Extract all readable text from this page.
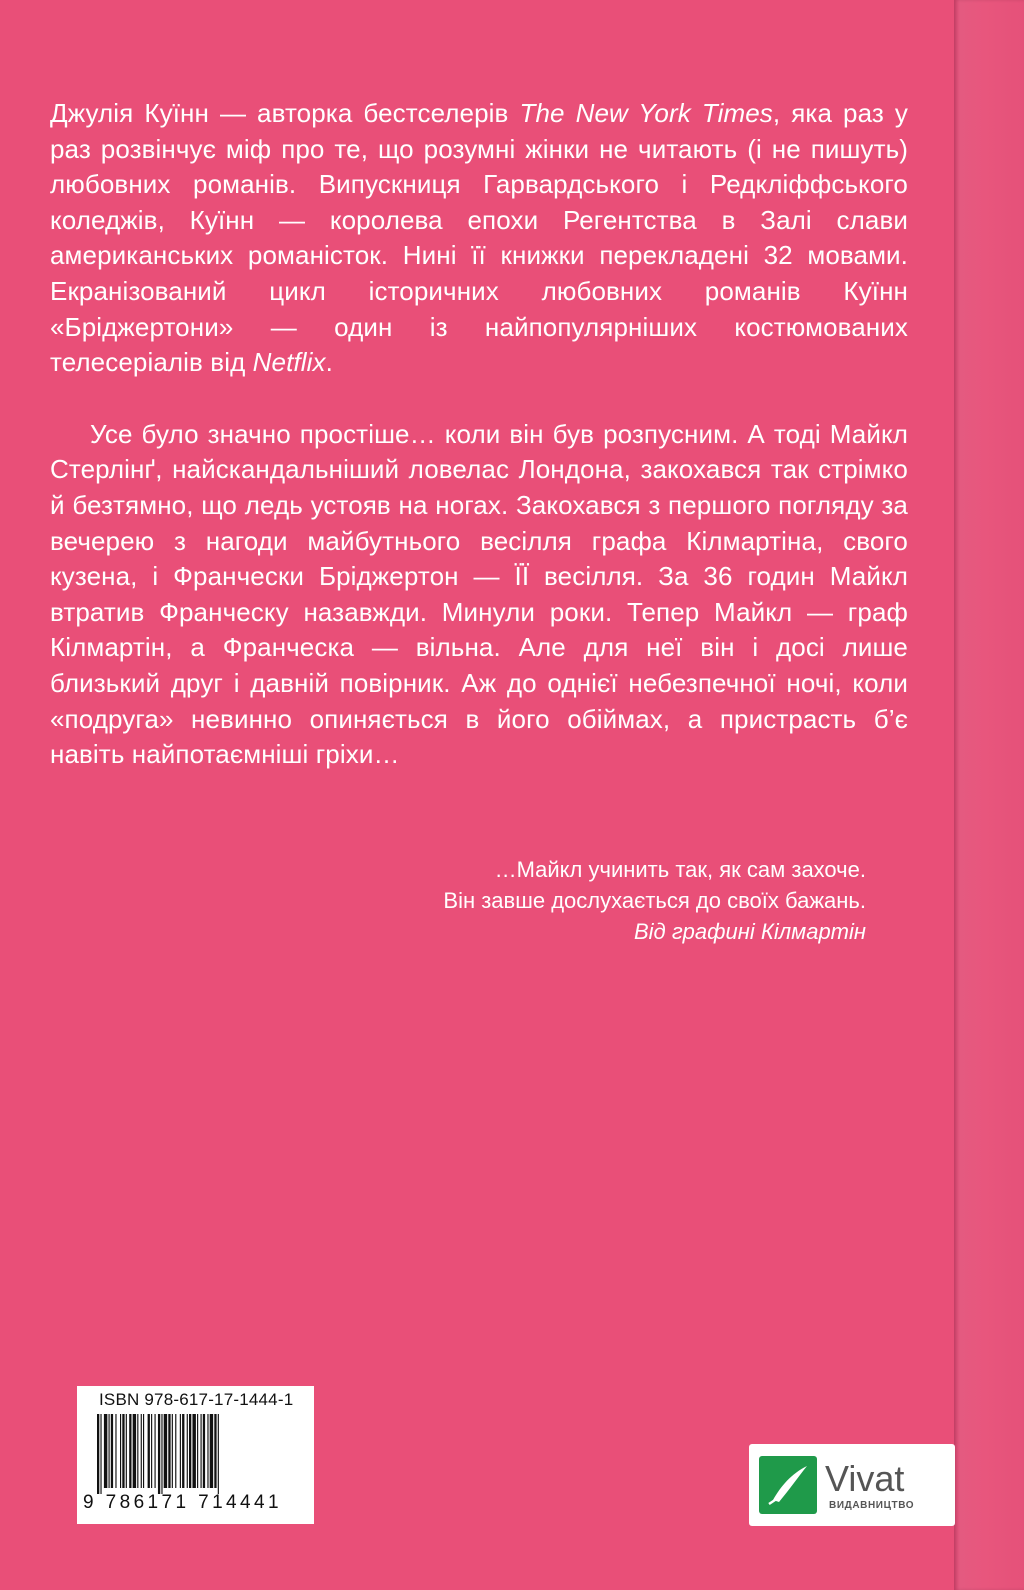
Джулія Куїнн — авторка бестселерів The New York Times, яка раз у раз розвінчує міф про те, що розумні жінки не читають (і не пишуть) любовних романів. Випускниця Гарвардського і Редкліффського коледжів, Куїнн — королева епохи Регентства в Залі слави американських романісток. Нині її книжки перекладені 32 мовами. Екранізований цикл історичних любовних романів Куїнн «Бріджертони» — один із найпопулярніших костюмованих телесеріалів від Netflix.

Усе було значно простіше… коли він був розпусним. А тоді Майкл Стерлінґ, найскандальніший ловелас Лондона, закохався так стрімко й безтямно, що ледь устояв на ногах. Закохався з першого погляду за вечерею з нагоди майбутнього весілля графа Кілмартіна, свого кузена, і Франчески Бріджертон — ЇЇ весілля. За 36 годин Майкл втратив Франческу назавжди. Минули роки. Тепер Майкл — граф Кілмартін, а Франческа — вільна. Але для неї він і досі лише близький друг і давній повірник. Аж до однієї небезпечної ночі, коли «подруга» невинно опиняється в його обіймах, а пристрасть б’є навіть найпотаємніші гріхи…

…Майкл учинить так, як сам захоче.
Він завше дослухається до своїх бажань.
Від графині Кілмартін
ISBN 978-617-17-1444-1
9 786171 714441
Vivat
ВИДАВНИЦТВО
